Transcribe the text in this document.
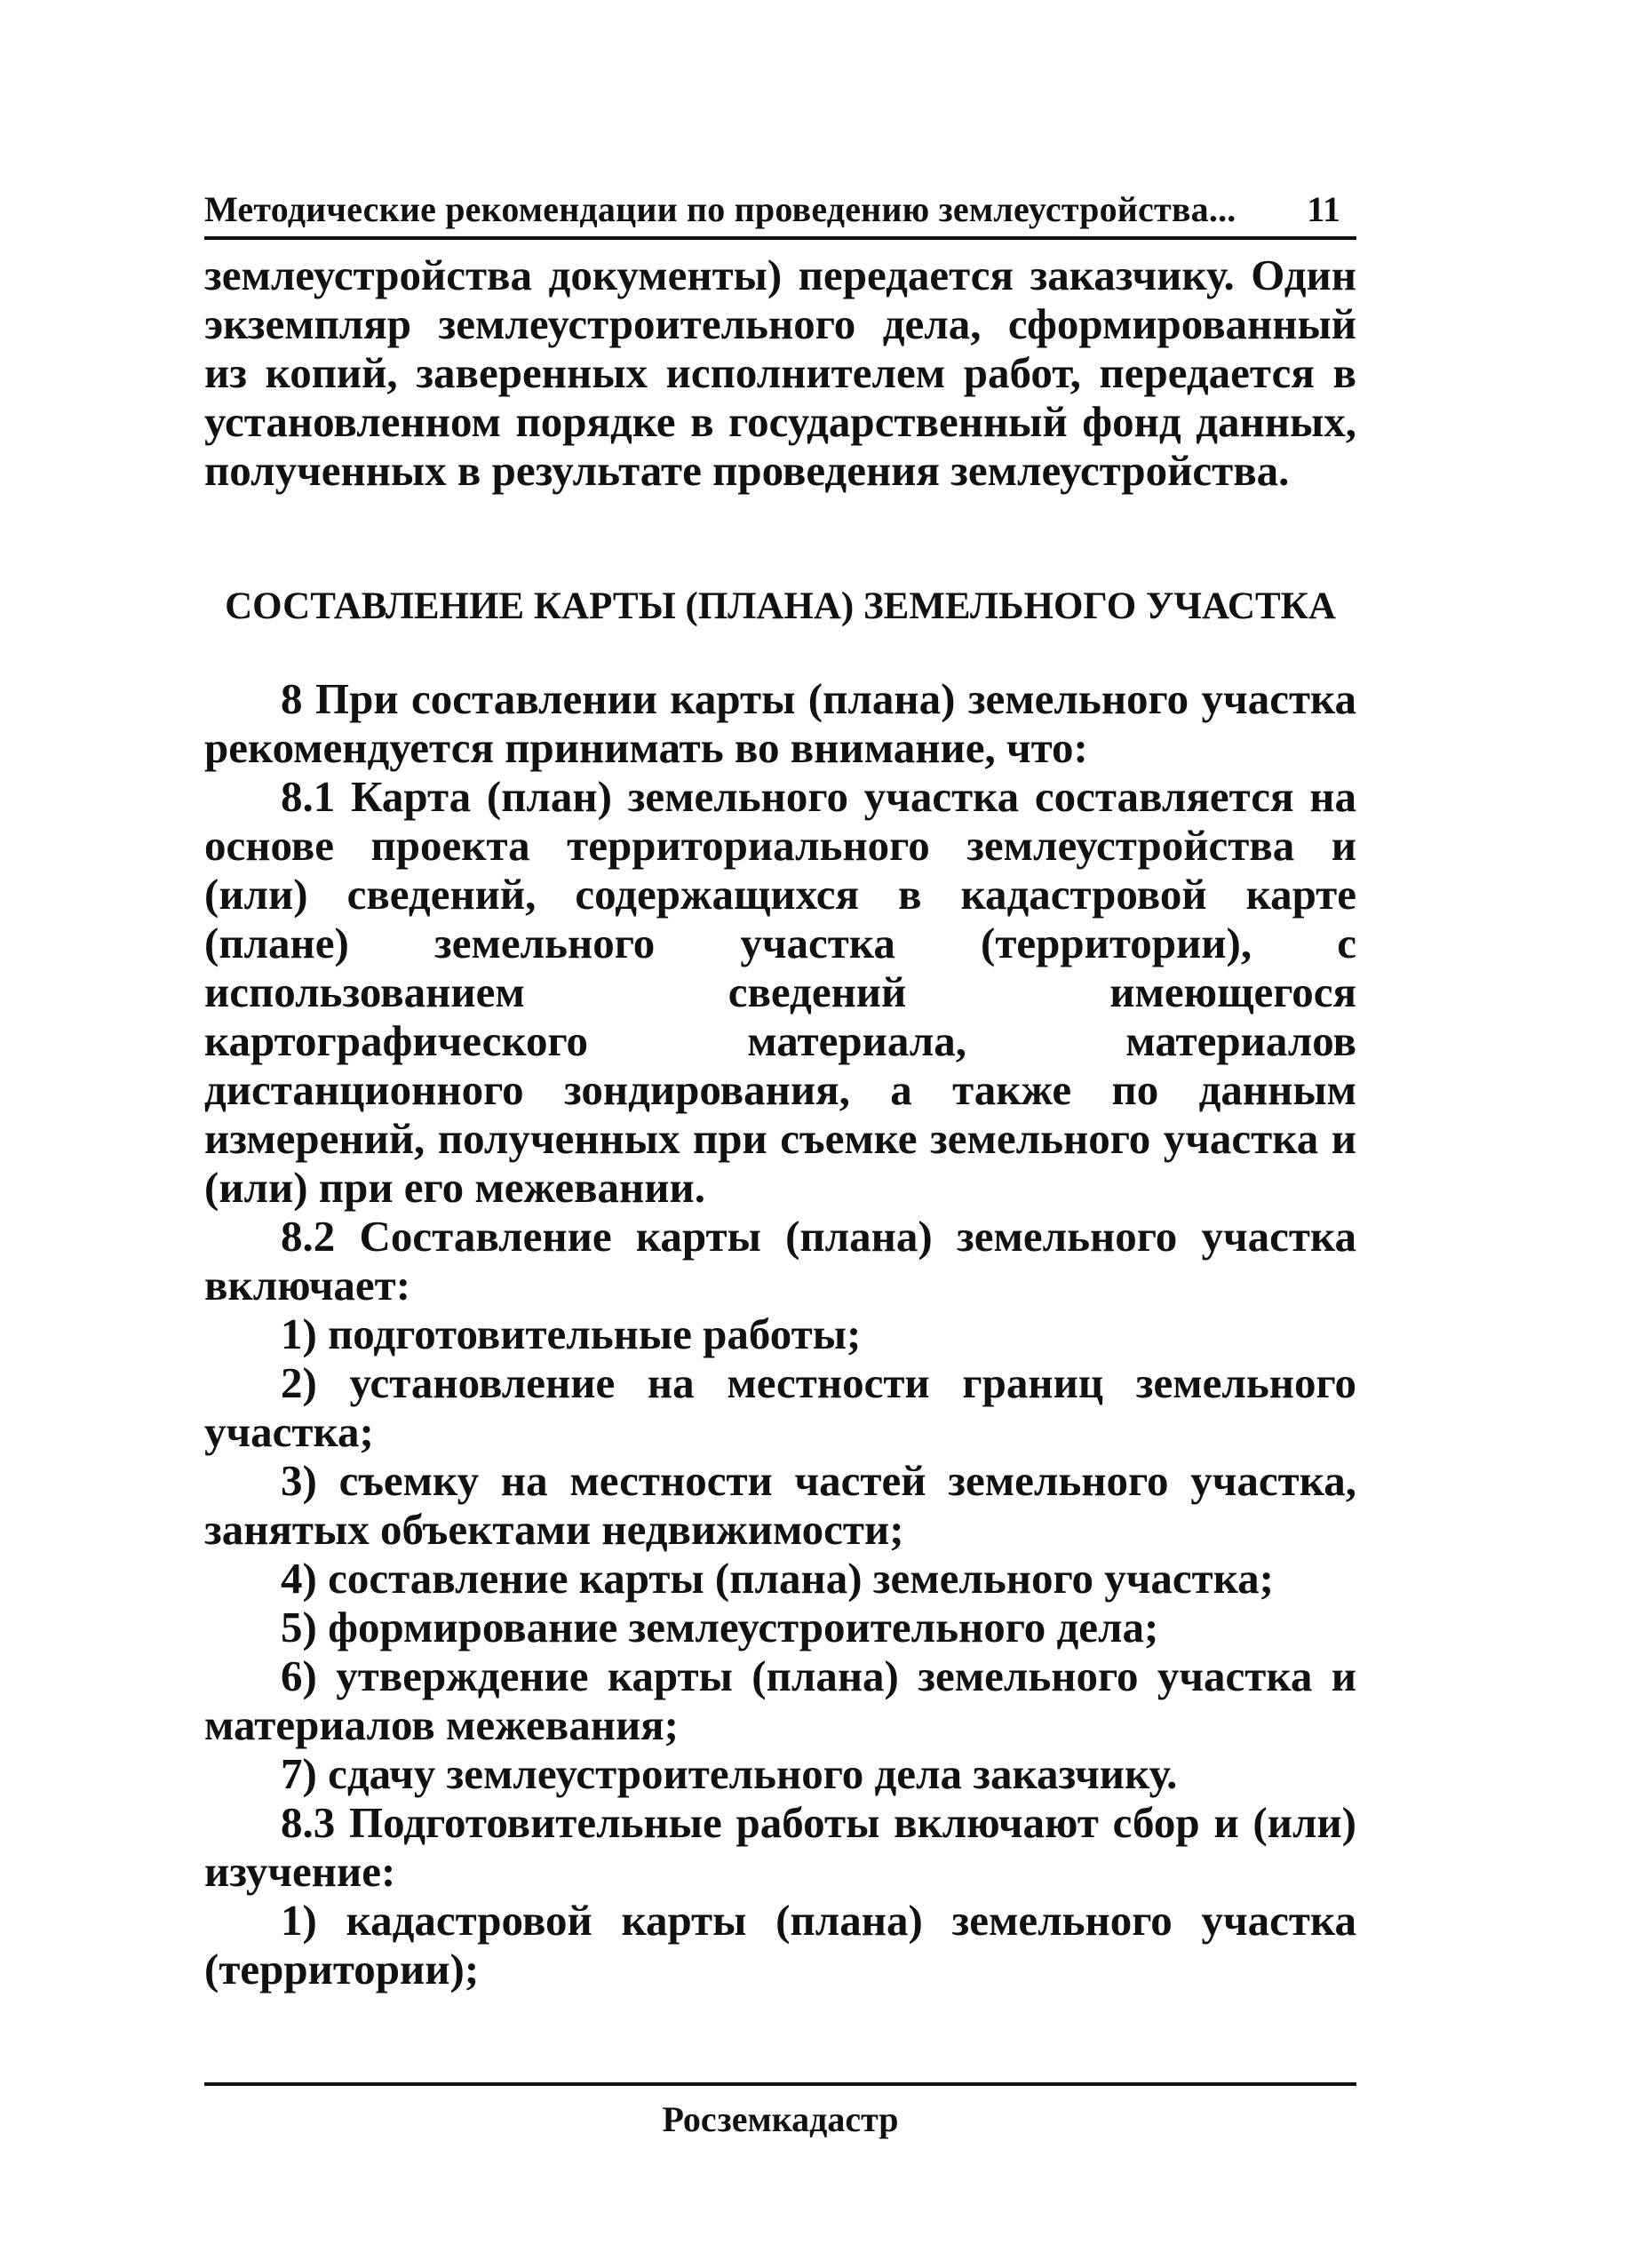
Методические рекомендации по проведению землеустройства... 11

землеустройства документы) передается заказчику. Один экземпляр землеустроительного дела, сформированный из копий, заверенных исполнителем работ, передается в установленном порядке в государственный фонд данных, полученных в результате проведения землеустройства.

СОСТАВЛЕНИЕ КАРТЫ (ПЛАНА) ЗЕМЕЛЬНОГО УЧАСТКА

8 При составлении карты (плана) земельного участка рекомендуется принимать во внимание, что:

8.1 Карта (план) земельного участка составляется на основе проекта территориального землеустройства и (или) сведений, содержащихся в кадастровой карте (плане) земельного участка (территории), с использованием сведений имеющегося картографического материала, материалов дистанционного зондирования, а также по данным измерений, полученных при съемке земельного участка и (или) при его межевании.

8.2 Составление карты (плана) земельного участка включает:

1) подготовительные работы;

2) установление на местности границ земельного участка;

3) съемку на местности частей земельного участка, занятых объектами недвижимости;

4) составление карты (плана) земельного участка;

5) формирование землеустроительного дела;

6) утверждение карты (плана) земельного участка и материалов межевания;

7) сдачу землеустроительного дела заказчику.

8.3 Подготовительные работы включают сбор и (или) изучение:

1) кадастровой карты (плана) земельного участка (территории);

Росземкадастр
